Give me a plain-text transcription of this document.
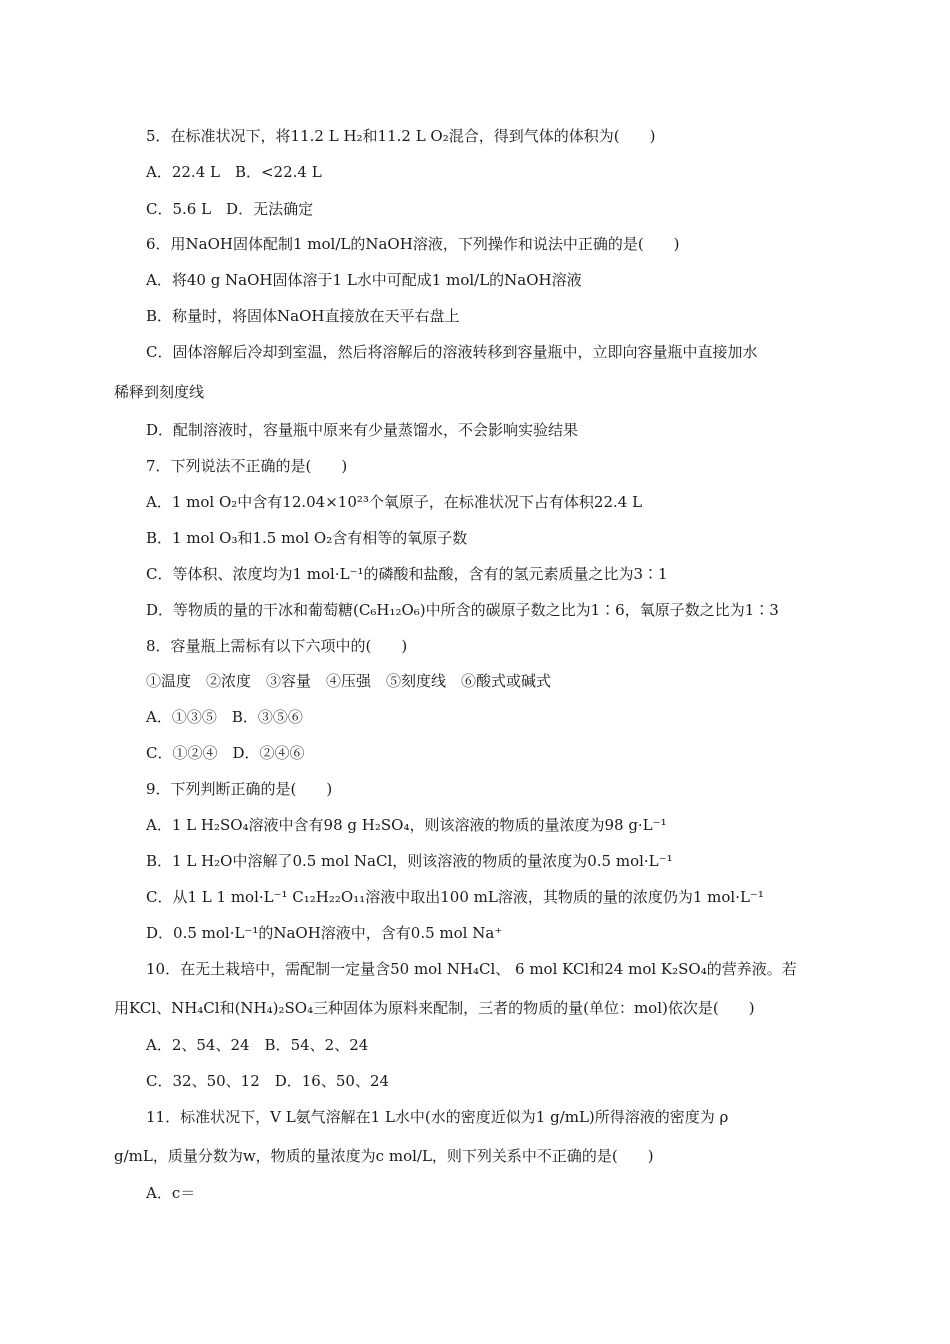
5．在标准状况下，将11.2 L H₂和11.2 L O₂混合，得到气体的体积为(　　)
A．22.4 L　B．<22.4 L
C．5.6 L　D．无法确定
6．用NaOH固体配制1 mol/L的NaOH溶液，下列操作和说法中正确的是(　　)
A．将40 g NaOH固体溶于1 L水中可配成1 mol/L的NaOH溶液
B．称量时，将固体NaOH直接放在天平右盘上
C．固体溶解后冷却到室温，然后将溶解后的溶液转移到容量瓶中，立即向容量瓶中直接加水
稀释到刻度线
D．配制溶液时，容量瓶中原来有少量蒸馏水，不会影响实验结果
7．下列说法不正确的是(　　)
A．1 mol O₂中含有12.04×10²³个氧原子，在标准状况下占有体积22.4 L
B．1 mol O₃和1.5 mol O₂含有相等的氧原子数
C．等体积、浓度均为1 mol·L⁻¹的磷酸和盐酸，含有的氢元素质量之比为3∶1
D．等物质的量的干冰和葡萄糖(C₆H₁₂O₆)中所含的碳原子数之比为1∶6，氧原子数之比为1∶3
8．容量瓶上需标有以下六项中的(　　)
①温度　②浓度　③容量　④压强　⑤刻度线　⑥酸式或碱式
A．①③⑤　B．③⑤⑥
C．①②④　D．②④⑥
9．下列判断正确的是(　　)
A．1 L H₂SO₄溶液中含有98 g H₂SO₄，则该溶液的物质的量浓度为98 g·L⁻¹
B．1 L H₂O中溶解了0.5 mol NaCl，则该溶液的物质的量浓度为0.5 mol·L⁻¹
C．从1 L 1 mol·L⁻¹ C₁₂H₂₂O₁₁溶液中取出100 mL溶液，其物质的量的浓度仍为1 mol·L⁻¹
D．0.5 mol·L⁻¹的NaOH溶液中，含有0.5 mol Na⁺
10．在无土栽培中，需配制一定量含50 mol NH₄Cl、 6 mol KCl和24 mol K₂SO₄的营养液。若
用KCl、NH₄Cl和(NH₄)₂SO₄三种固体为原料来配制，三者的物质的量(单位：mol)依次是(　　)
A．2、54、24　B．54、2、24
C．32、50、12　D．16、50、24
11．标准状况下，V L氨气溶解在1 L水中(水的密度近似为1 g/mL)所得溶液的密度为 ρ
g/mL，质量分数为w，物质的量浓度为c mol/L，则下列关系中不正确的是(　　)
A．c＝
